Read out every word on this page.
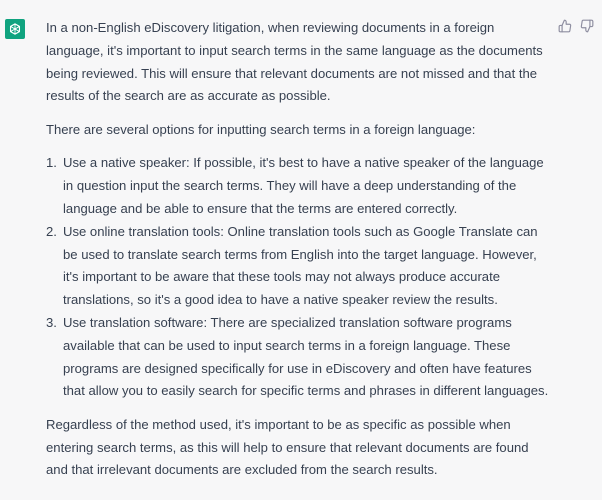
In a non-English eDiscovery litigation, when reviewing documents in a foreign language, it's important to input search terms in the same language as the documents being reviewed. This will ensure that relevant documents are not missed and that the results of the search are as accurate as possible.

There are several options for inputting search terms in a foreign language:

1. Use a native speaker: If possible, it's best to have a native speaker of the language in question input the search terms. They will have a deep understanding of the language and be able to ensure that the terms are entered correctly.
2. Use online translation tools: Online translation tools such as Google Translate can be used to translate search terms from English into the target language. However, it's important to be aware that these tools may not always produce accurate translations, so it's a good idea to have a native speaker review the results.
3. Use translation software: There are specialized translation software programs available that can be used to input search terms in a foreign language. These programs are designed specifically for use in eDiscovery and often have features that allow you to easily search for specific terms and phrases in different languages.

Regardless of the method used, it's important to be as specific as possible when entering search terms, as this will help to ensure that relevant documents are found and that irrelevant documents are excluded from the search results.
